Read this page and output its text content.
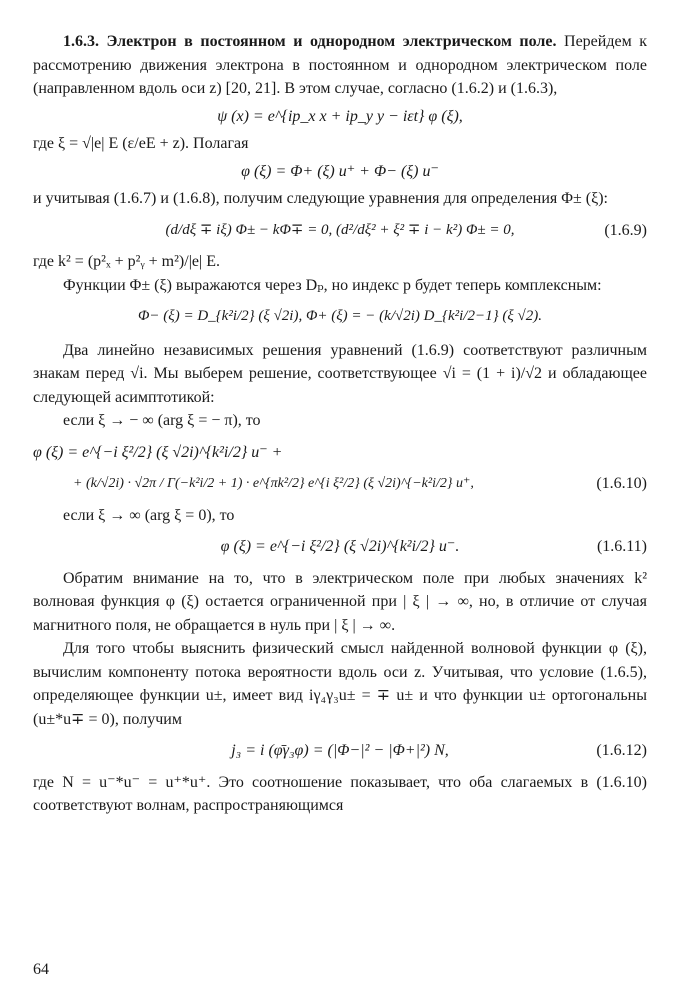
1.6.3. Электрон в постоянном и однородном электрическом поле. Перейдем к рассмотрению движения электрона в постоянном и однородном электрическом поле (направленном вдоль оси z) [20, 21]. В этом случае, согласно (1.6.2) и (1.6.3),

ψ (x) = e^{ip_x x + ip_y y − iεt} φ (ξ),

где ξ = √|e| E (ε/eE + z). Полагая

φ (ξ) = Φ+ (ξ) u⁺ + Φ− (ξ) u⁻

и учитывая (1.6.7) и (1.6.8), получим следующие уравнения для определения Φ± (ξ):

(d/dξ ∓ iξ) Φ± − kΦ∓ = 0, (d²/dξ² + ξ² ∓ i − k²) Φ± = 0,	(1.6.9)

где k² = (p²ₓ + p²ᵧ + m²)/|e| E.

Функции Φ± (ξ) выражаются через Dₚ, но индекс p будет теперь комплексным:

Φ− (ξ) = D_{k²i/2} (ξ √2i), Φ+ (ξ) = − (k/√2i) D_{k²i/2−1} (ξ √2).

Два линейно независимых решения уравнений (1.6.9) соответствуют различным знакам перед √i. Мы выберем решение, соответствующее √i = (1 + i)/√2 и обладающее следующей асимптотикой:

если ξ → − ∞ (arg ξ = − π), то

φ (ξ) = e^{−i ξ²/2} (ξ √2i)^{k²i/2} u⁻ +
+ (k/√2i) · √2π / Γ(−k²i/2 + 1) · e^{πk²/2} e^{i ξ²/2} (ξ √2i)^{−k²i/2} u⁺,	(1.6.10)

если ξ → ∞ (arg ξ = 0), то

φ (ξ) = e^{−i ξ²/2} (ξ √2i)^{k²i/2} u⁻.	(1.6.11)

Обратим внимание на то, что в электрическом поле при любых значениях k² волновая функция φ (ξ) остается ограниченной при | ξ | → ∞, но, в отличие от случая магнитного поля, не обращается в нуль при | ξ | → ∞.

Для того чтобы выяснить физический смысл найденной волновой функции φ (ξ), вычислим компоненту потока вероятности вдоль оси z. Учитывая, что условие (1.6.5), определяющее функции u±, имеет вид iγ₄γ₃u± = ∓ u± и что функции u± ортогональны (u±*u∓ = 0), получим

j₃ = i (φ̄γ₃φ) = (|Φ−|² − |Φ+|²) N,	(1.6.12)

где N = u⁻*u⁻ = u⁺*u⁺. Это соотношение показывает, что оба слагаемых в (1.6.10) соответствуют волнам, распространяющимся

64
